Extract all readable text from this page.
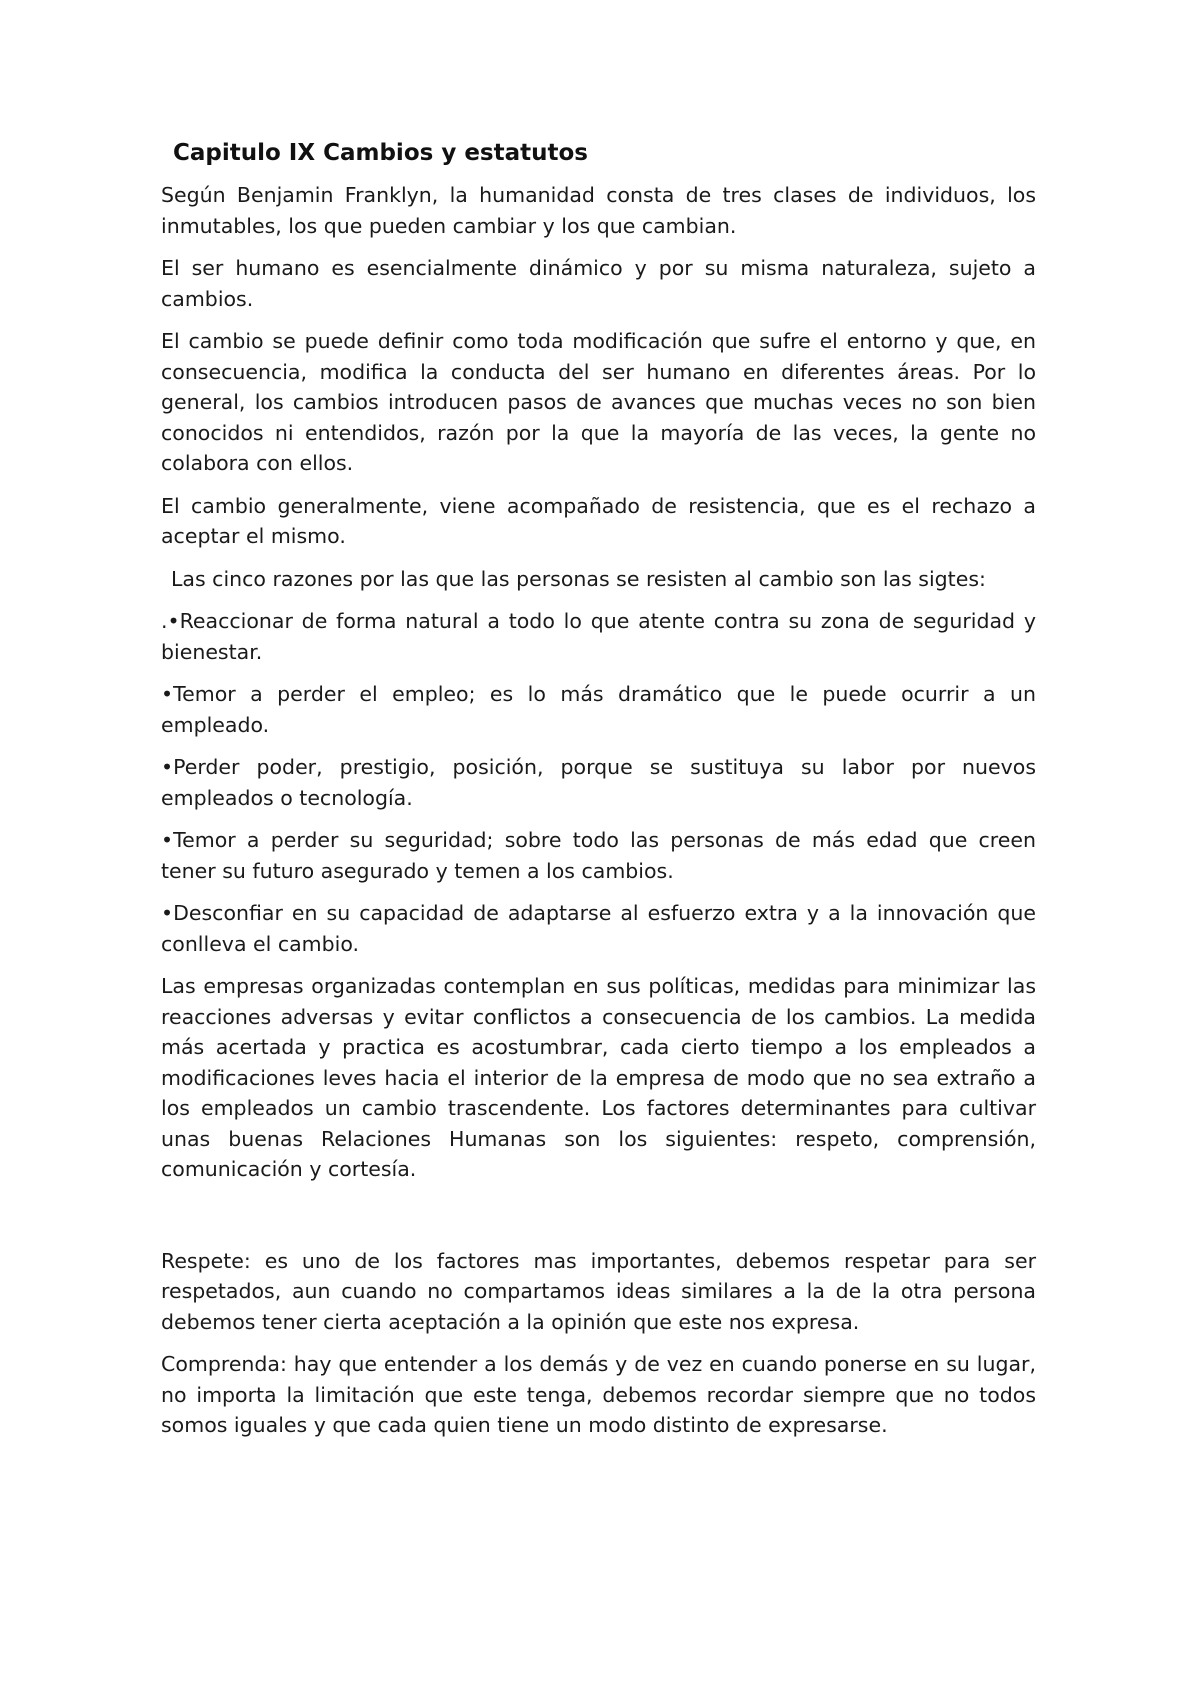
Capitulo IX Cambios y estatutos

Según Benjamin Franklyn, la humanidad consta de tres clases de individuos, los inmutables, los que pueden cambiar y los que cambian.

El ser humano es esencialmente dinámico y por su misma naturaleza, sujeto a cambios.

El cambio se puede definir como toda modificación que sufre el entorno y que, en consecuencia, modifica la conducta del ser humano en diferentes áreas. Por lo general, los cambios introducen pasos de avances que muchas veces no son bien conocidos ni entendidos, razón por la que la mayoría de las veces, la gente no colabora con ellos.

El cambio generalmente, viene acompañado de resistencia, que es el rechazo a aceptar el mismo.

Las cinco razones por las que las personas se resisten al cambio son las sigtes:

.•Reaccionar de forma natural a todo lo que atente contra su zona de seguridad y bienestar.

•Temor a perder el empleo; es lo más dramático que le puede ocurrir a un empleado.

•Perder poder, prestigio, posición, porque se sustituya su labor por nuevos empleados o tecnología.

•Temor a perder su seguridad; sobre todo las personas de más edad que creen tener su futuro asegurado y temen a los cambios.

•Desconfiar en su capacidad de adaptarse al esfuerzo extra y a la innovación que conlleva el cambio.

Las empresas organizadas contemplan en sus políticas, medidas para minimizar las reacciones adversas y evitar conflictos a consecuencia de los cambios. La medida más acertada y practica es acostumbrar, cada cierto tiempo a los empleados a modificaciones leves hacia el interior de la empresa de modo que no sea extraño a los empleados un cambio trascendente. Los factores determinantes para cultivar unas buenas Relaciones Humanas son los siguientes: respeto, comprensión, comunicación y cortesía.

Respete: es uno de los factores mas importantes, debemos respetar para ser respetados, aun cuando no compartamos ideas similares a la de la otra persona debemos tener cierta aceptación a la opinión que este nos expresa.

Comprenda: hay que entender a los demás y de vez en cuando ponerse en su lugar, no importa la limitación que este tenga, debemos recordar siempre que no todos somos iguales y que cada quien tiene un modo distinto de expresarse.
